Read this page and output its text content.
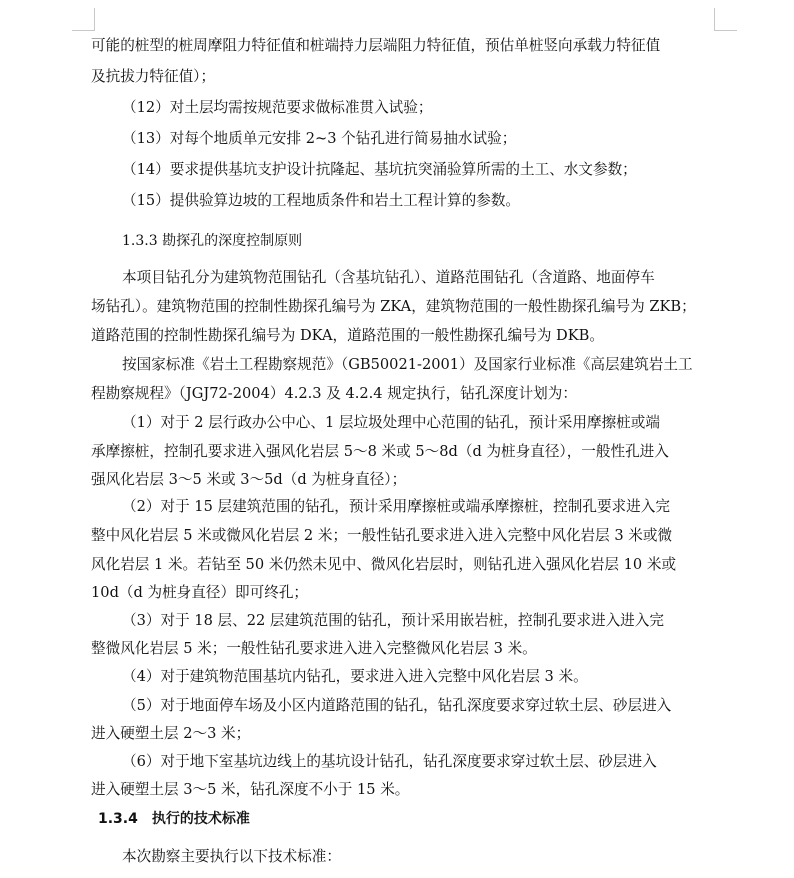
可能的桩型的桩周摩阻力特征值和桩端持力层端阻力特征值，预估单桩竖向承载力特征值
及抗拔力特征值）；
（12）对土层均需按规范要求做标准贯入试验；
（13）对每个地质单元安排 2~3 个钻孔进行简易抽水试验；
（14）要求提供基坑支护设计抗隆起、基坑抗突涌验算所需的土工、水文参数；
（15）提供验算边坡的工程地质条件和岩土工程计算的参数。
1.3.3 勘探孔的深度控制原则
本项目钻孔分为建筑物范围钻孔（含基坑钻孔）、道路范围钻孔（含道路、地面停车
场钻孔）。建筑物范围的控制性勘探孔编号为 ZKA，建筑物范围的一般性勘探孔编号为 ZKB；
道路范围的控制性勘探孔编号为 DKA，道路范围的一般性勘探孔编号为 DKB。
按国家标准《岩土工程勘察规范》（GB50021-2001）及国家行业标准《高层建筑岩土工
程勘察规程》（JGJ72-2004）4.2.3 及 4.2.4 规定执行，钻孔深度计划为：
（1）对于 2 层行政办公中心、1 层垃圾处理中心范围的钻孔，预计采用摩擦桩或端
承摩擦桩，控制孔要求进入强风化岩层 5～8 米或 5～8d（d 为桩身直径），一般性孔进入
强风化岩层 3～5 米或 3～5d（d 为桩身直径）；
（2）对于 15 层建筑范围的钻孔，预计采用摩擦桩或端承摩擦桩，控制孔要求进入完
整中风化岩层 5 米或微风化岩层 2 米；一般性钻孔要求进入进入完整中风化岩层 3 米或微
风化岩层 1 米。若钻至 50 米仍然未见中、微风化岩层时，则钻孔进入强风化岩层 10 米或
10d（d 为桩身直径）即可终孔；
（3）对于 18 层、22 层建筑范围的钻孔，预计采用嵌岩桩，控制孔要求进入进入完
整微风化岩层 5 米；一般性钻孔要求进入进入完整微风化岩层 3 米。
（4）对于建筑物范围基坑内钻孔，要求进入进入完整中风化岩层 3 米。
（5）对于地面停车场及小区内道路范围的钻孔，钻孔深度要求穿过软土层、砂层进入
进入硬塑土层 2～3 米；
（6）对于地下室基坑边线上的基坑设计钻孔，钻孔深度要求穿过软土层、砂层进入
进入硬塑土层 3～5 米，钻孔深度不小于 15 米。
1.3.4　执行的技术标准
本次勘察主要执行以下技术标准：
